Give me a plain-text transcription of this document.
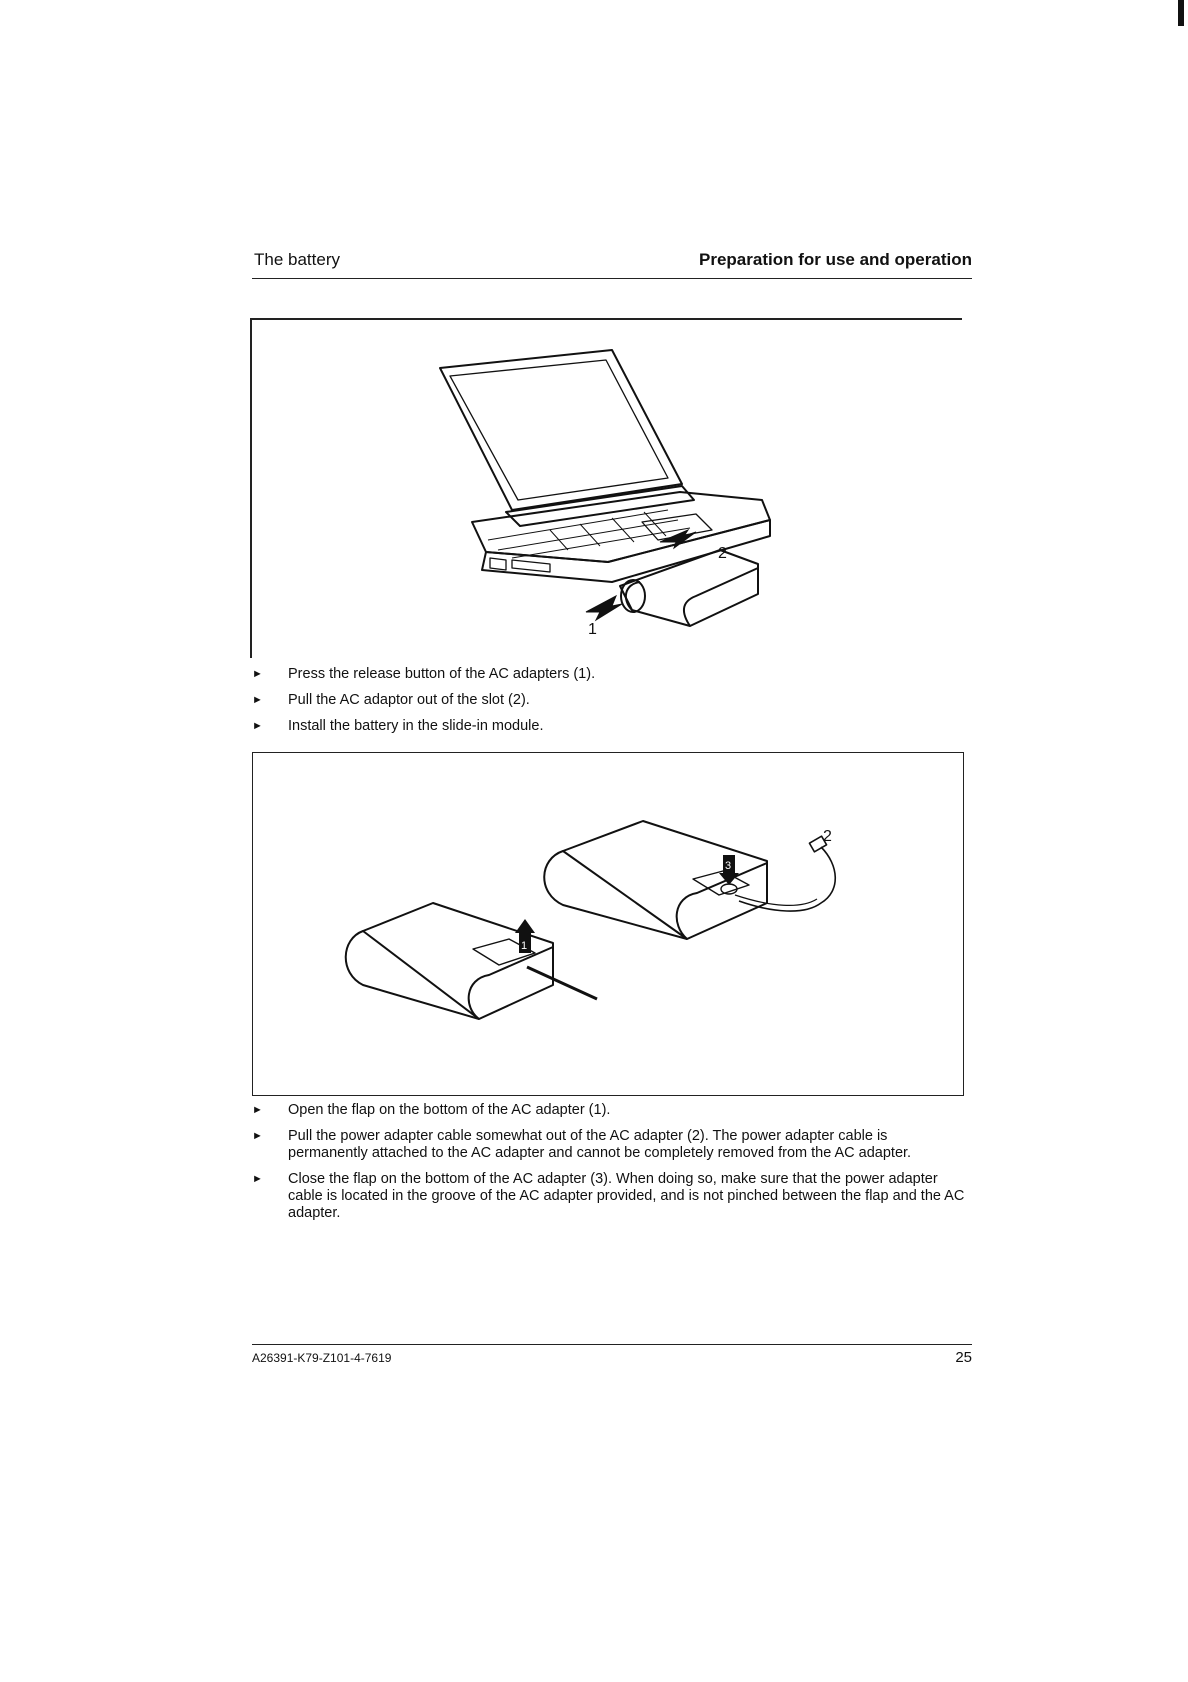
The battery	Preparation for use and operation
1
2
► Press the release button of the AC adapters (1).
► Pull the AC adaptor out of the slot (2).
► Install the battery in the slide-in module.
1
3
2
► Open the flap on the bottom of the AC adapter (1).
► Pull the power adapter cable somewhat out of the AC adapter (2). The power adapter cable is permanently attached to the AC adapter and cannot be completely removed from the AC adapter.
► Close the flap on the bottom of the AC adapter (3). When doing so, make sure that the power adapter cable is located in the groove of the AC adapter provided, and is not pinched between the flap and the AC adapter.
A26391-K79-Z101-4-7619	25
